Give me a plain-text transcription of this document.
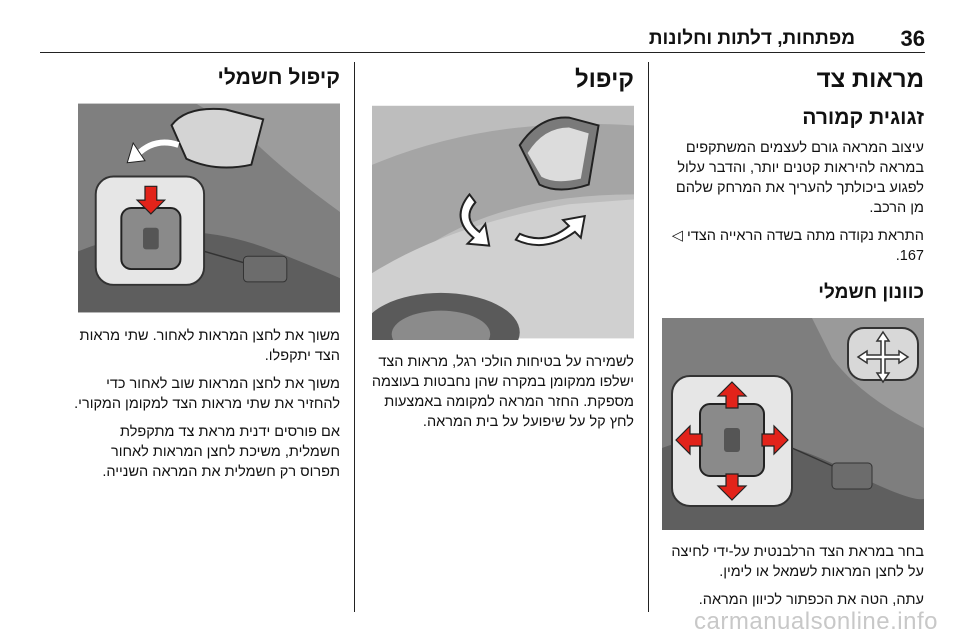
36
מפתחות, דלתות וחלונות
מראות צד
זגוגית קמורה

עיצוב המראה גורם לעצמים המשתקפים במראה להיראות קטנים יותר, והדבר עלול לפגוע ביכולתך להעריך את המרחק שלהם מן הרכב.

התראת נקודה מתה בשדה הראייה הצדי ◁ 167.

כוונון חשמלי

בחר במראת הצד הרלבנטית על-ידי לחיצה על לחצן המראות לשמאל או לימין.

עתה, הטה את הכפתור לכיוון המראה.

קיפול

לשמירה על בטיחות הולכי רגל, מראות הצד ישלפו ממקומן במקרה שהן נחבטות בעוצמה מספקת. החזר המראה למקומה באמצעות לחץ קל על שיפועל על בית המראה.

קיפול חשמלי

משוך את לחצן המראות לאחור. שתי מראות הצד יתקפלו.

משוך את לחצן המראות שוב לאחור כדי להחזיר את שתי מראות הצד למקומן המקורי.

אם פורסים ידנית מראת צד מתקפלת חשמלית, משיכת לחצן המראות לאחור תפרוס רק חשמלית את המראה השנייה.

carmanualsonline.info
